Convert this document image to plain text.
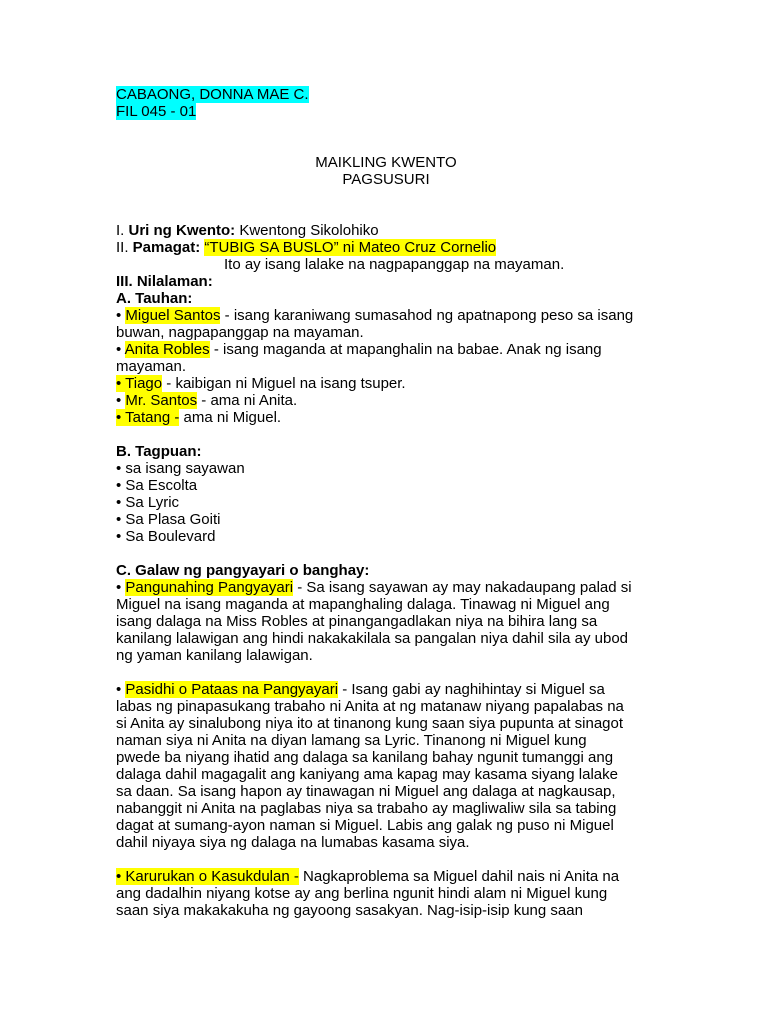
CABAONG, DONNA MAE C.
FIL 045 - 01
MAIKLING KWENTO
PAGSUSURI
I. Uri ng Kwento: Kwentong Sikolohiko
II. Pamagat: “TUBIG SA BUSLO” ni Mateo Cruz Cornelio
Ito ay isang lalake na nagpapanggap na mayaman.
III. Nilalaman:
A. Tauhan:
• Miguel Santos - isang karaniwang sumasahod ng apatnapong peso sa isang
buwan, nagpapanggap na mayaman.
• Anita Robles - isang maganda at mapanghalin na babae. Anak ng isang
mayaman.
• Tiago - kaibigan ni Miguel na isang tsuper.
• Mr. Santos - ama ni Anita.
• Tatang - ama ni Miguel.
B. Tagpuan:
• sa isang sayawan
• Sa Escolta
• Sa Lyric
• Sa Plasa Goiti
• Sa Boulevard
C. Galaw ng pangyayari o banghay:
• Pangunahing Pangyayari - Sa isang sayawan ay may nakadaupang palad si
Miguel na isang maganda at mapanghaling dalaga. Tinawag ni Miguel ang
isang dalaga na Miss Robles at pinangangadlakan niya na bihira lang sa
kanilang lalawigan ang hindi nakakakilala sa pangalan niya dahil sila ay ubod
ng yaman kanilang lalawigan.
• Pasidhi o Pataas na Pangyayari - Isang gabi ay naghihintay si Miguel sa
labas ng pinapasukang trabaho ni Anita at ng matanaw niyang papalabas na
si Anita ay sinalubong niya ito at tinanong kung saan siya pupunta at sinagot
naman siya ni Anita na diyan lamang sa Lyric. Tinanong ni Miguel kung
pwede ba niyang ihatid ang dalaga sa kanilang bahay ngunit tumanggi ang
dalaga dahil magagalit ang kaniyang ama kapag may kasama siyang lalake
sa daan. Sa isang hapon ay tinawagan ni Miguel ang dalaga at nagkausap,
nabanggit ni Anita na paglabas niya sa trabaho ay magliwaliw sila sa tabing
dagat at sumang-ayon naman si Miguel. Labis ang galak ng puso ni Miguel
dahil niyaya siya ng dalaga na lumabas kasama siya.
• Karurukan o Kasukdulan - Nagkaproblema sa Miguel dahil nais ni Anita na
ang dadalhin niyang kotse ay ang berlina ngunit hindi alam ni Miguel kung
saan siya makakakuha ng gayoong sasakyan. Nag-isip-isip kung saan
